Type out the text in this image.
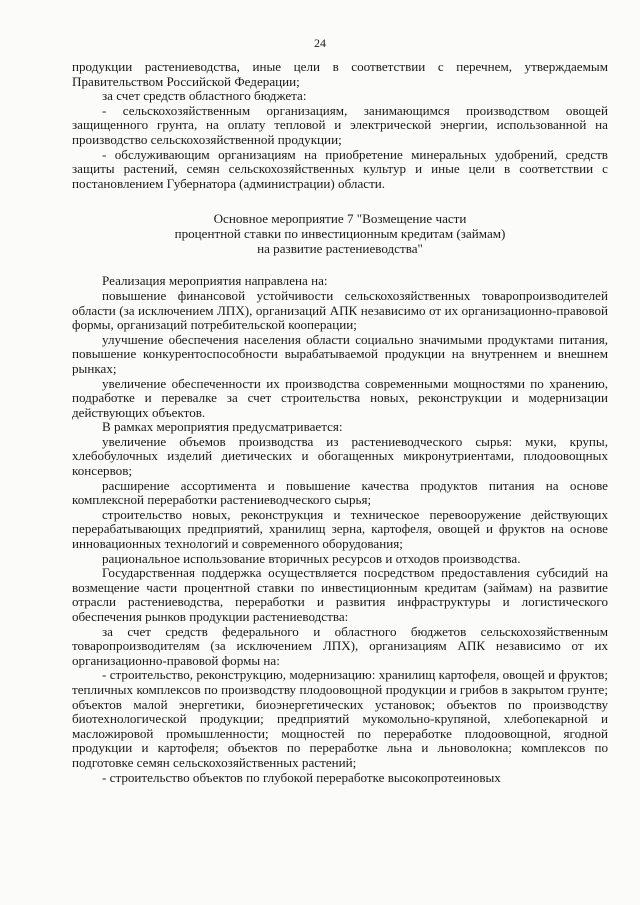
24

продукции растениеводства, иные цели в соответствии с перечнем, утверждаемым Правительством Российской Федерации;

за счет средств областного бюджета:

- сельскохозяйственным организациям, занимающимся производством овощей защищенного грунта, на оплату тепловой и электрической энергии, использованной на производство сельскохозяйственной продукции;

- обслуживающим организациям на приобретение минеральных удобрений, средств защиты растений, семян сельскохозяйственных культур и иные цели в соответствии с постановлением Губернатора (администрации) области.

Основное мероприятие 7 "Возмещение части
процентной ставки по инвестиционным кредитам (займам)
на развитие растениеводства"

Реализация мероприятия направлена на:

повышение финансовой устойчивости сельскохозяйственных товаропроизводителей области (за исключением ЛПХ), организаций АПК независимо от их организационно-правовой формы, организаций потребительской кооперации;

улучшение обеспечения населения области социально значимыми продуктами питания, повышение конкурентоспособности вырабатываемой продукции на внутреннем и внешнем рынках;

увеличение обеспеченности их производства современными мощностями по хранению, подработке и перевалке за счет строительства новых, реконструкции и модернизации действующих объектов.

В рамках мероприятия предусматривается:

увеличение объемов производства из растениеводческого сырья: муки, крупы, хлебобулочных изделий диетических и обогащенных микронутриентами, плодоовощных консервов;

расширение ассортимента и повышение качества продуктов питания на основе комплексной переработки растениеводческого сырья;

строительство новых, реконструкция и техническое перевооружение действующих перерабатывающих предприятий, хранилищ зерна, картофеля, овощей и фруктов на основе инновационных технологий и современного оборудования;

рациональное использование вторичных ресурсов и отходов производства.

Государственная поддержка осуществляется посредством предоставления субсидий на возмещение части процентной ставки по инвестиционным кредитам (займам) на развитие отрасли растениеводства, переработки и развития инфраструктуры и логистического обеспечения рынков продукции растениеводства:

за счет средств федерального и областного бюджетов сельскохозяйственным товаропроизводителям (за исключением ЛПХ), организациям АПК независимо от их организационно-правовой формы на:

- строительство, реконструкцию, модернизацию: хранилищ картофеля, овощей и фруктов; тепличных комплексов по производству плодоовощной продукции и грибов в закрытом грунте; объектов малой энергетики, биоэнергетических установок; объектов по производству биотехнологической продукции; предприятий мукомольно-крупяной, хлебопекарной и масложировой промышленности; мощностей по переработке плодоовощной, ягодной продукции и картофеля; объектов по переработке льна и льноволокна; комплексов по подготовке семян сельскохозяйственных растений;

- строительство объектов по глубокой переработке высокопротеиновых
